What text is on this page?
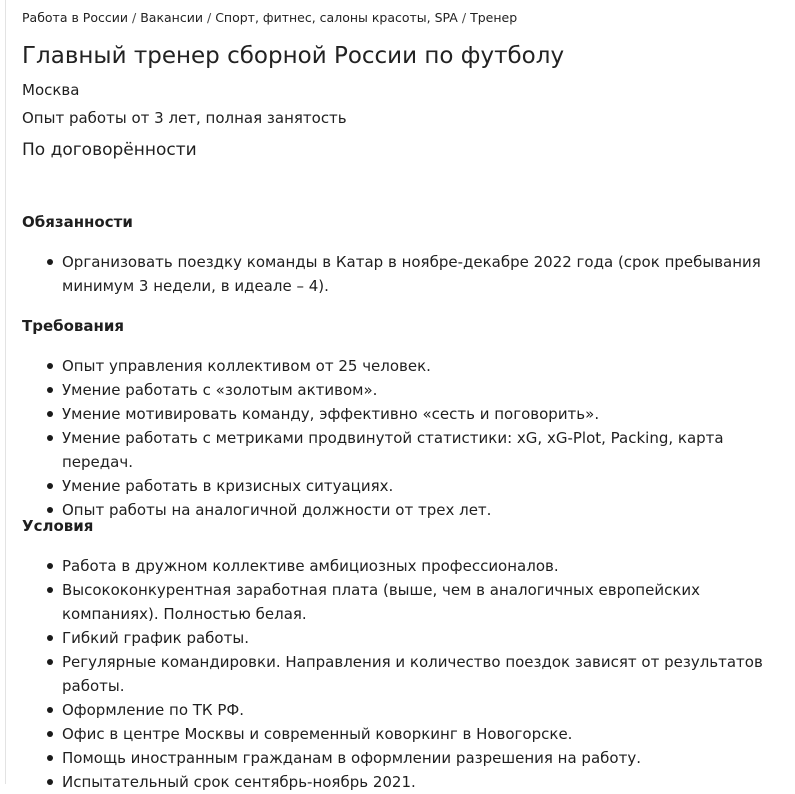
Работа в России / Вакансии / Спорт, фитнес, салоны красоты, SPA / Тренер
Главный тренер сборной России по футболу
Москва
Опыт работы от 3 лет, полная занятость
По договорённости
Обязанности
Организовать поездку команды в Катар в ноябре-декабре 2022 года (срок пребывания минимум 3 недели, в идеале – 4).
Требования
Опыт управления коллективом от 25 человек.
Умение работать с «золотым активом».
Умение мотивировать команду, эффективно «сесть и поговорить».
Умение работать с метриками продвинутой статистики: xG, xG-Plot, Packing, карта передач.
Умение работать в кризисных ситуациях.
Опыт работы на аналогичной должности от трех лет.
Условия
Работа в дружном коллективе амбициозных профессионалов.
Высококонкурентная заработная плата (выше, чем в аналогичных европейских компаниях). Полностью белая.
Гибкий график работы.
Регулярные командировки. Направления и количество поездок зависят от результатов работы.
Оформление по ТК РФ.
Офис в центре Москвы и современный коворкинг в Новогорске.
Помощь иностранным гражданам в оформлении разрешения на работу.
Испытательный срок сентябрь-ноябрь 2021.
